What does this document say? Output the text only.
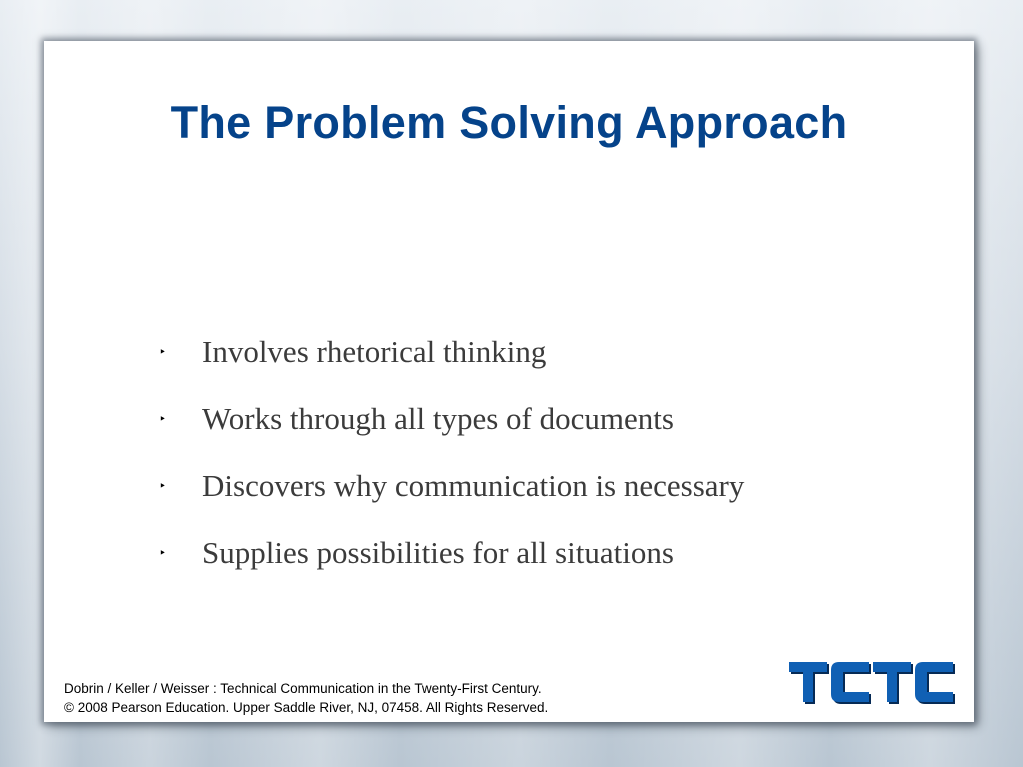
The Problem Solving Approach
‣	Involves rhetorical thinking
‣	Works through all types of documents
‣	Discovers why communication is necessary
‣	Supplies possibilities for all situations
Dobrin / Keller / Weisser : Technical Communication in the Twenty-First Century.
© 2008 Pearson Education. Upper Saddle River, NJ, 07458. All Rights Reserved.
